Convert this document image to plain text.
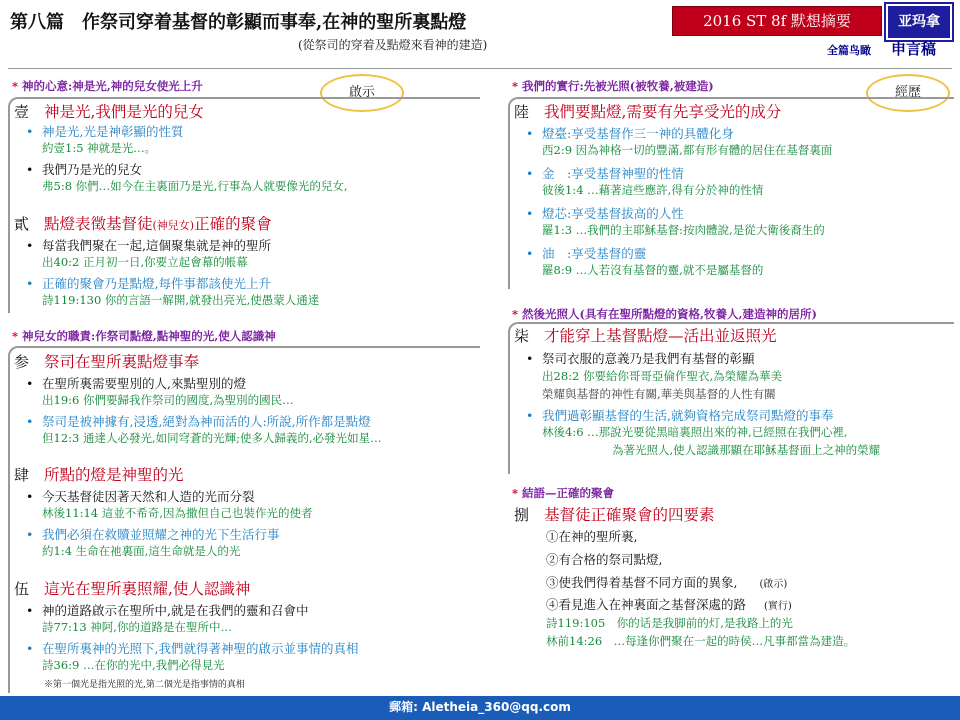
第八篇　作祭司穿着基督的彰顯而事奉,在神的聖所裏點燈
(從祭司的穿着及點燈來看神的建造)
2016 ST 8f 默想摘要	亚玛拿
全篇鸟瞰 申言稿
* 神的心意:神是光,神的兒女使光上升	啟示
壹 神是光,我們是光的兒女
• 神是光,光是神彰顯的性質
約壹1:5 神就是光…。
• 我們乃是光的兒女
弗5:8 你們…如今在主裏面乃是光,行事為人就要像光的兒女,
貳 點燈表徵基督徒(神兒女)正確的聚會
• 每當我們聚在一起,這個聚集就是神的聖所
出40:2 正月初一日,你要立起會幕的帳幕
• 正確的聚會乃是點燈,每件事都該使光上升
詩119:130 你的言語一解開,就發出亮光,使愚蒙人通達
* 神兒女的職責:作祭司點燈,點神聖的光,使人認識神
参 祭司在聖所裏點燈事奉
• 在聖所裏需要聖別的人,來點聖別的燈
出19:6 你們要歸我作祭司的國度,為聖別的國民…
• 祭司是被神據有,浸透,絕對為神而活的人:所說,所作都是點燈
但12:3 通達人必發光,如同穹蒼的光輝;使多人歸義的,必發光如星…
肆 所點的燈是神聖的光
• 今天基督徒因著天然和人造的光而分裂
林後11:14 這並不希奇,因為撒但自己也裝作光的使者
• 我們必須在救贖並照耀之神的光下生活行事
約1:4 生命在祂裏面,這生命就是人的光
伍 這光在聖所裏照耀,使人認識神
• 神的道路啟示在聖所中,就是在我們的靈和召會中
詩77:13 神阿,你的道路是在聖所中…
• 在聖所裏神的光照下,我們就得著神聖的啟示並事情的真相
詩36:9 …在你的光中,我們必得見光
※第一個光是指光照的光,第二個光是指事情的真相
* 我們的實行:先被光照(被牧養,被建造)	經歷
陸 我們要點燈,需要有先享受光的成分
• 燈臺:享受基督作三一神的具體化身
西2:9 因為神格一切的豐滿,都有形有體的居住在基督裏面
• 金　:享受基督神聖的性情
彼後1:4 …藉著這些應許,得有分於神的性情
• 燈芯:享受基督拔高的人性
羅1:3 …我們的主耶穌基督:按肉體說,是從大衛後裔生的
• 油　:享受基督的靈
羅8:9 …人若沒有基督的靈,就不是屬基督的
* 然後光照人(具有在聖所點燈的資格,牧養人,建造神的居所)
柒 才能穿上基督點燈—活出並返照光
• 祭司衣服的意義乃是我們有基督的彰顯
出28:2 你要給你哥哥亞倫作聖衣,為榮耀為華美
榮耀與基督的神性有關,華美與基督的人性有關
• 我們過彰顯基督的生活,就夠資格完成祭司點燈的事奉
林後4:6 …那說光要從黑暗裏照出來的神,已經照在我們心裡,
為著光照人,使人認識那顯在耶穌基督面上之神的榮耀
* 結語—正確的聚會
捌 基督徒正確聚會的四要素
①在神的聖所裏,
②有合格的祭司點燈,
③使我們得着基督不同方面的異象, (啟示)
④看見進入在神裏面之基督深處的路 (實行)
詩119:105　你的话是我脚前的灯,是我路上的光
林前14:26　…每逢你們聚在一起的時侯…凡事都當為建造。
郵箱: Aletheia_360@qq.com
